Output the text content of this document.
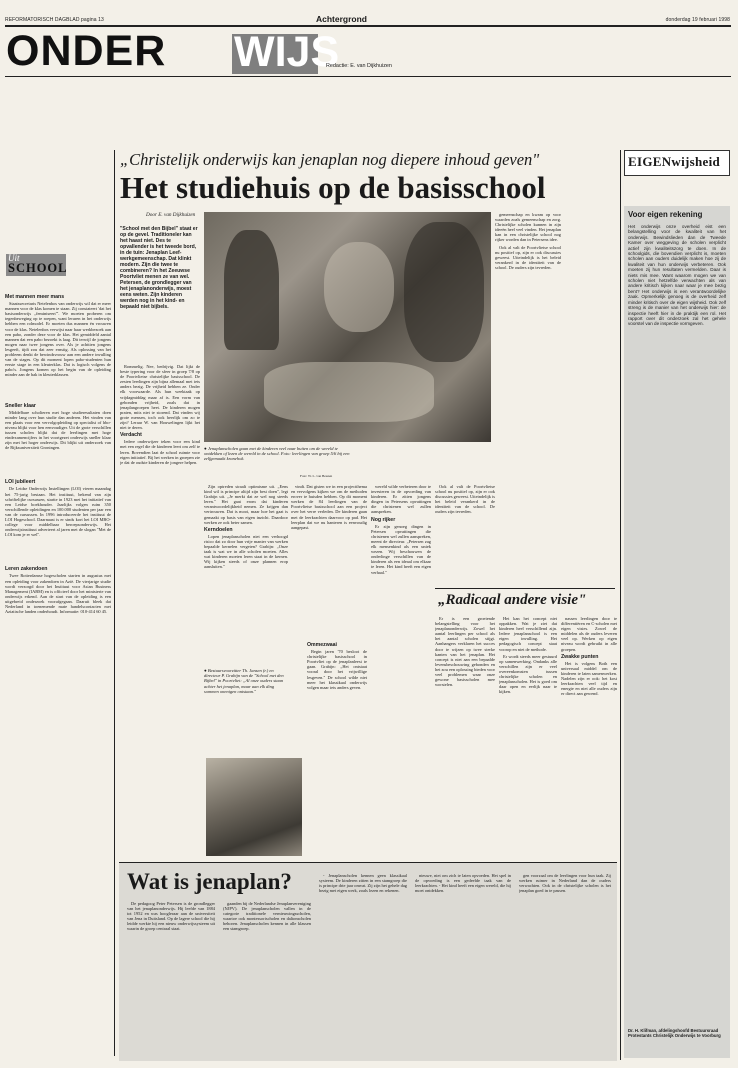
REFORMATORISCH DAGBLAD pagina 13	Achtergrond	donderdag 19 februari 1998
ONDER WIJS
Redactie: E. van Dijkhuizen
Uit
SCHOOL
Met mannen meer mans

Staatssecretaris Netelenbos van onderwijs wil dat er meer mannen voor de klas komen te staan. Zij constateert 'dat het basisonderwijs „feminiseert"'. We moeten proberen om tegenbeweging op te roepen, want leraren in het onderwijs hebben een rolmodel. Er moeten dus mannen én vrouwen voor de klas. Netelenbos verwijst naar haar werkbezoek aan een pabo, zonder deze voor de klas. Het gemiddeld aantal mannen dat een pabo bezoekt is laag. Dit terwijl de jongens mogen naar twee jongens over. Als je achttien jongens lesgeeft, tijdt zou dat zeer ernstig. Als oplossing van het probleem denkt de bewindsvrouw aan een andere invulling van de stages. Op dit moment lopen pabo-studenten hun eerste stage in een kleuterklas. Dat is logisch volgens de pabo's. Jongens komen op het begin van de opleiding minder aan de bak in kleuterklassen.

Sneller klaar

Middelbare scholieren met hoge studieresultaten doen minder lang over hun studie dan anderen. Het vinden van een plaats voor een vervolgopleiding op specialist of hbo-niveau blijkt voor hen eenvoudiger. Uit de grote verschillen tussen scholen blijkt dat de leerlingen met hoge eindexamencijfers in het voortgezet onderwijs sneller klaar zijn met het hoger onderwijs. Dit blijkt uit onderzoek van de Rijksuniversiteit Groningen.

LOI jubileert

De Leidse Onderwijs Instellingen (LOI) vieren maandag het 75-jarig bestaan. Het instituut, bekend van zijn schriftelijke cursussen, startte in 1923 met het initiatief van een Leidse boekhouder. Jaarlijks volgen ruim 350 verschillende opleidingen en 100.000 studenten per jaar een van de cursussen. In 1996 introduceerde het instituut de LOI Hogeschool. Daarnaast is er sinds kort het LOI MBO-college voor middelbaar beroepsonderwijs. Het onderwijsinstituut adverteert al jaren met de slogan "Met de LOI kom je er wel".

Leren zakendoen

Twee Rotterdamse hogescholen starten in augustus met een opleiding voor zakendoen in Azië. De vierjarige studie wordt verzorgd door het Instituut voor Asian Business Management (IABM) en is officieel door het ministerie van onderwijs erkend. Aan de start van de opleiding is een uitgebreid onderzoek voorafgegaan. Daaruit bleek dat Nederland in toenemende mate handelscontacten met Aziatische landen onderhoudt. Informatie: 010-414 60 45.

„Christelijk onderwijs kan jenaplan nog diepere inhoud geven"
Het studiehuis op de basisschool
Door E. van Dijkhuizen
"School met den Bijbel" staat er op de gevel. Traditioneler kan het haast niet. Des te opvallender is het tweede bord, in de tuin: Jenaplan Leef-werkgemeenschap. Dat klinkt modern. Zijn die twee te combineren? In het Zeeuwse Poortvliet menen ze van wel. Petersen, de grondlegger van het jenaplanonderwijs, moest eens weten. Zijn kinderen werden nog in het kind- en bepaald niet bijbels.
● Jenaplanscholen gaan met de kinderen veel naar buiten om de wereld te ontdekken of lezen de wereld in de school. Foto: leerlingen van groep 5/6 bij een zelfgemaakt kranehok.
Foto: W. L. van Beuzen

gemeenschap en kwam op voor waarden zoals gemeenschap en zorg. Christelijke scholen kunnen in zijn ideeën heel veel vinden. Het jenaplan kan in een christelijke school nog rijker worden dan in Petersens idee.

Ook al valt de Poortvlietse school nu positief op, zijn er ook discussies geweest. Uiteindelijk is het beleid verankerd in de identiteit van de school. De ouders zijn tevreden.

Rommelig. Nee, bedrijvig. Dat lijkt de beste typering voor de sfeer in groep 7/8 op de Poortvlietse christelijke basisschool. De zesten leerlingen zijn bijna allemaal met iets anders bezig. De vrijheid hebben ze. Onder elk voorwaarde. Als hun weektaak op vrijdagmiddag maar af is. Een vorm van gebonden vrijheid, zoals dat in jenaplangroepen heet. De kinderen mogen praten, mits niet te storend. Dat vinden wij grote mensen, toch ook heerlijk om zo te zijn? Leraar W. van Houwelingen lijkt het niet te deren.

Verdacht

Iedere onderwijzer teken voor een kind met een regel die de kinderen leert om zelf te leren. Bovendien laat de school ruimte voor eigen initiatief. Bij het werken in groepen zie je dat de oudste kinderen de jongere helpen.

Zijn optreden straalt optimisme uit. „Eens kind wil is principe altijd zijn best doen", legt Grabijn uit. „Je merkt dat ze wel nog steeds leren." Het gaat erom dat kinderen verantwoordelijkheid nemen. Ze krijgen dan vertrouwen. Dat is mooi, maar hoe het gaat is gemaakt op basis van eigen inzicht. Daardoor werken ze ook beter samen.

Kerndoelen

Lopen jenaplanscholen niet een verhoogd risico dat zo door hun vrije manier van werken bepaalde kernelen vergeten? Grabijn: „Onze taak is wat we in alle scholen moeten. Alles wat kinderen moeten leren staat in de kernen. Wij kijken steeds of onze plannen erop aansluiten."

● Bestuursvoorzitter Th. Jansen (r.) en directeur P. Grabijn van de "School met den Bijbel" in Poortvliet: „Al onze ouders staan achter het jenaplan, maar aan elk ding sommen onenigen ontstaan."

vindt. Dat gisten we in een projectthema en vervolgens kijken we om de methoden erover te huisden hebben. Op dit moment werken de 84 leerlingen van de Poortvlietse basisschool aan een project over het verre verleden. De kinderen gaan met de leerkrachten daarvoor op pad. Het leerplan dat we nu hanteren is eenvoudig aangepast.

Ommezwaai

Begin jaren '70 besloot de christelijke basisschool in Poortvliet op de jenaplanleest te gaan. Grabijn: „Het ontstaat vooral door het vrijwillige lesgeven." De school wilde niet meer het klassikaal onderwijs volgen maar iets anders geven.

wereld wilde verbeteren door te investeren in de opvoeding van kinderen. Er zitten jongens dingen in Petersens opvattingen die christenen wel zullen aanspreken.

Nog rijker

Er zijn genoeg dingen in Petersen opvattingen die christenen wel zullen aanspreken, meent de directeur. „Petersen zag elk mensenkind als een uniek wezen. Wij beschouwen de onderlinge verschillen van de kinderen als een ideaal om elkaar te leren. Het kind heeft een eigen verhaal."

Ook al valt de Poortvlietse school nu positief op, zijn er ook discussies geweest. Uiteindelijk is het beleid verankerd in de identiteit van de school. De ouders zijn tevreden.

„Radicaal andere visie"

Er is een groeiende belangstelling voor het jenaplanonderwijs. Zowel het aantal leerlingen per school als het aantal scholen stijgt. Aanhangers verklaren het succes door te wijzen op twee sterke kanten van het jenaplan. Het concept is niet aan een bepaalde levensbeschouwing gebonden en het zou een oplossing bieden voor veel problemen waar onze gewone basisscholen mee worstelen.

Het kan het concept niet oppakken. Wat je ziet dat kinderen heel verschillend zijn. Iedere jenaplanschool is een eigen invulling. Het pedagogisch concept staat voorop en niet de methode.

Er wordt steeds meer gestuurd op samenwerking. Ondanks alle verschillen zijn er veel overeenkomsten tussen christelijke scholen en jenaplanscholen. Het is goed om daar open en eerlijk naar te kijken.

nassen leerlingen door te differentiëren en C-scholen met eigen visies. Zowel de middelen als de ouders leveren veel op. Werken op eigen niveau wordt gebruikt in alle groepen.

Zwakke punten

Het is volgens Both een universaal middel om de kinderen te laten samenwerken. Nadelen zijn er ook: het kost leerkrachten veel tijd en energie en niet alle ouders zijn er direct aan gewend.

Wat is jenaplan?

De pedagoog Peter Petersen is de grondlegger van het jenaplanonderwijs. Hij leefde van 1884 tot 1952 en was hoogleraar aan de universiteit van Jena in Duitsland. Op de lagere school die hij leidde werkte hij een nieuw onderwijssysteem uit waarin de groep centraal staat.

gaanden bij de Nederlandse Jenaplanvereniging (NJPV). De jenaplanscholen vallen in de categorie traditionele vernieuwingsscholen, waartoe ook montessorischolen en daltonscholen behoren. Jenaplanscholen kennen in alle klassen een stamgroep.

- Jenaplanscholen kennen geen klassikaal systeem. De kinderen zitten in een stamgroep die is principe drie jaar omvat. Zij zijn het gehele dag bezig met eigen werk, zoals lezen en rekenen.

nieuwe, niet om zich te laten opvoeden. Het spel in de opvoeding is een gedeelde taak van de leerkrachten. - Het kind heeft een eigen wereld, die hij moet ontdekken.

gen voorzaal om de leerlingen voor hun taak. Zij werken ruimer in Nederland dan de ouders verwachten. Ook in de christelijke scholen is het jenaplan goed in te passen.

EIGENwijsheid
Voor eigen rekening
Het onderwijs onze overheid eist een belangstelling voor de kwaliteit van het onderwijs. Bewindslieden dan de Tweede Kamer over weggeving de scholen verplicht actief zijn kwaliteitszorg te doen. In de schoolgids, die bovendien verplicht is, moeten scholen aan ouders duidelijk maken hoe zij de kwaliteit van hun onderwijs verbeteren. Ook moeten zij hun resultaten vermelden. Daar is niets mis mee. Want waarom mogen we van scholen niet hetzelfde verwachten als van andere kritisch kijken naar waar je mee bezig bent? Het onderwijs is een verantwoordelijke zaak. Opmerkelijk genoeg is de overheid zelf minder kritisch over de eigen wijsheid. Ook zelf streng is de manier van het onderwijs hier: de inspectie heeft hier in de praktijk een rol. Het rapport over dit onderzoek zal het gehele voorstel van de inspectie vormgeven.
Dr. H. Klifman, afdelingshoofd Bestuursraad Protestants Christelijk Onderwijs te Voorburg
